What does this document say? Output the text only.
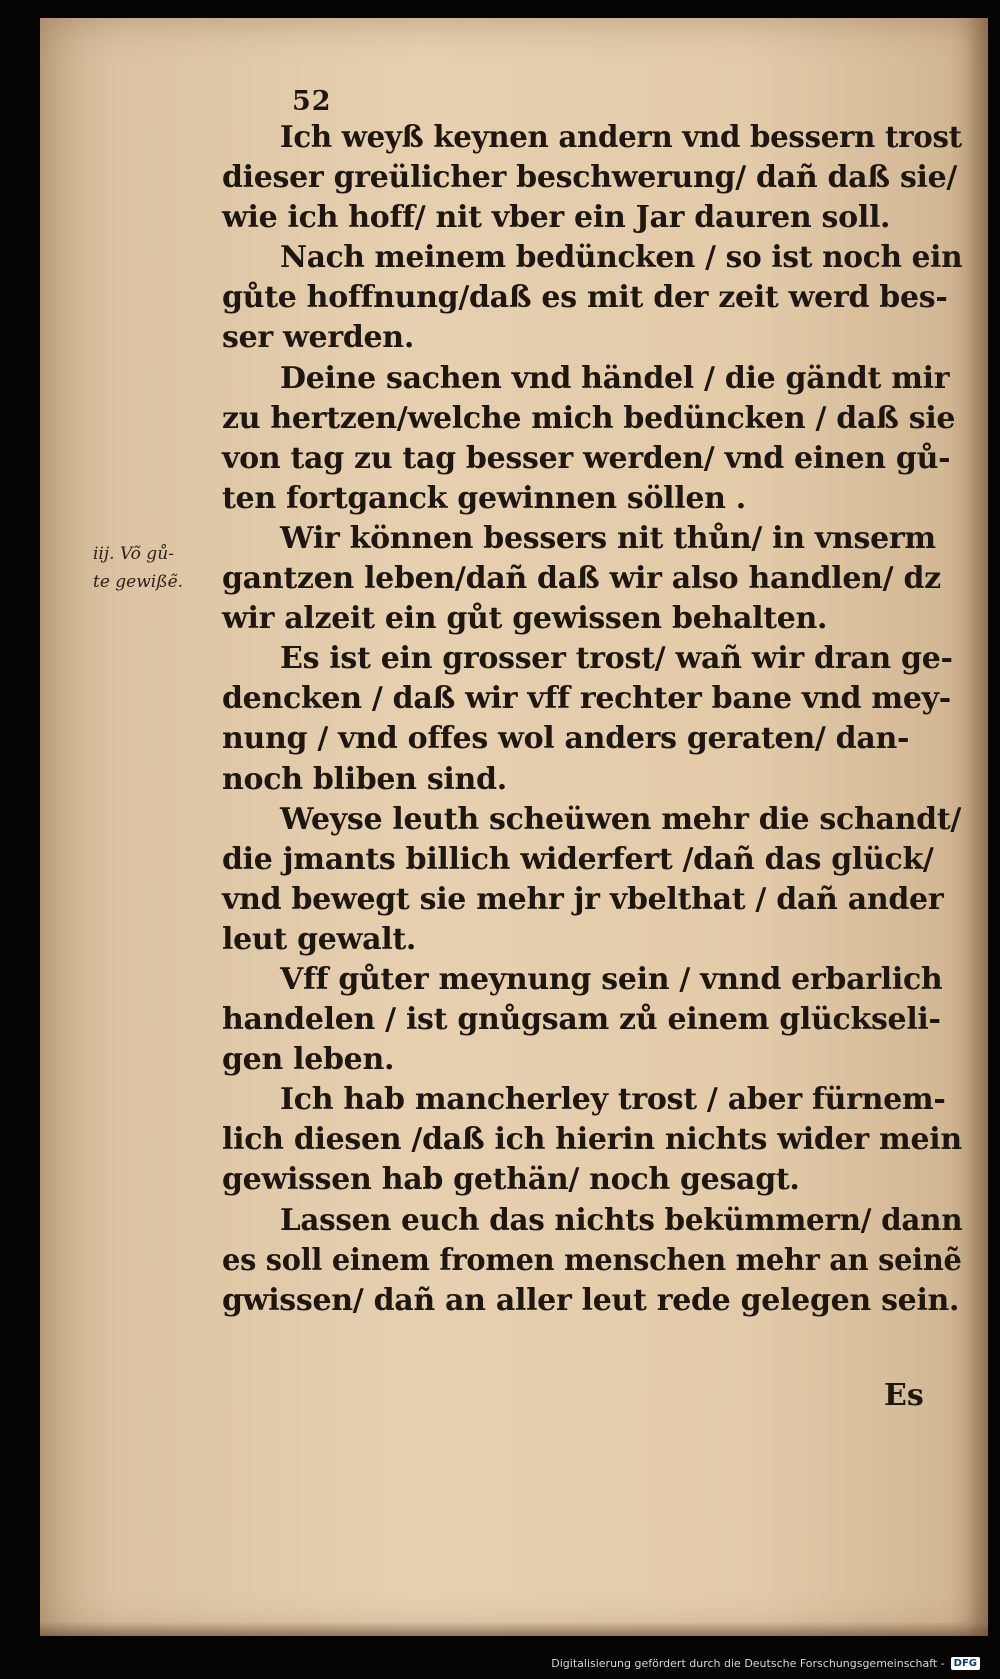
52
iij. Võ gů-
te gewißẽ.
Ich weyß keynen andern vnd bessern trost
dieser greülicher beschwerung/ dañ daß sie/
wie ich hoff/ nit vber ein Jar dauren soll.
Nach meinem bedüncken / so ist noch ein
gůte hoffnung/daß es mit der zeit werd bes-
ser werden.
Deine sachen vnd händel / die gändt mir
zu hertzen/welche mich bedüncken / daß sie
von tag zu tag besser werden/ vnd einen gů-
ten fortganck gewinnen söllen .
Wir können bessers nit thůn/ in vnserm
gantzen leben/dañ daß wir also handlen/ dz
wir alzeit ein gůt gewissen behalten.
Es ist ein grosser trost/ wañ wir dran ge-
dencken / daß wir vff rechter bane vnd mey-
nung / vnd offes wol anders geraten/ dan-
noch bliben sind.
Weyse leuth scheüwen mehr die schandt/
die jmants billich widerfert /dañ das glück/
vnd bewegt sie mehr jr vbelthat / dañ ander
leut gewalt.
Vff gůter meynung sein / vnnd erbarlich
handelen / ist gnůgsam zů einem glückseli-
gen leben.
Ich hab mancherley trost / aber fürnem-
lich diesen /daß ich hierin nichts wider mein
gewissen hab gethän/ noch gesagt.
Lassen euch das nichts bekümmern/ dann
es soll einem fromen menschen mehr an seinẽ
gwissen/ dañ an aller leut rede gelegen sein.
Es
Digitalisierung gefördert durch die Deutsche Forschungsgemeinschaft - DFG
